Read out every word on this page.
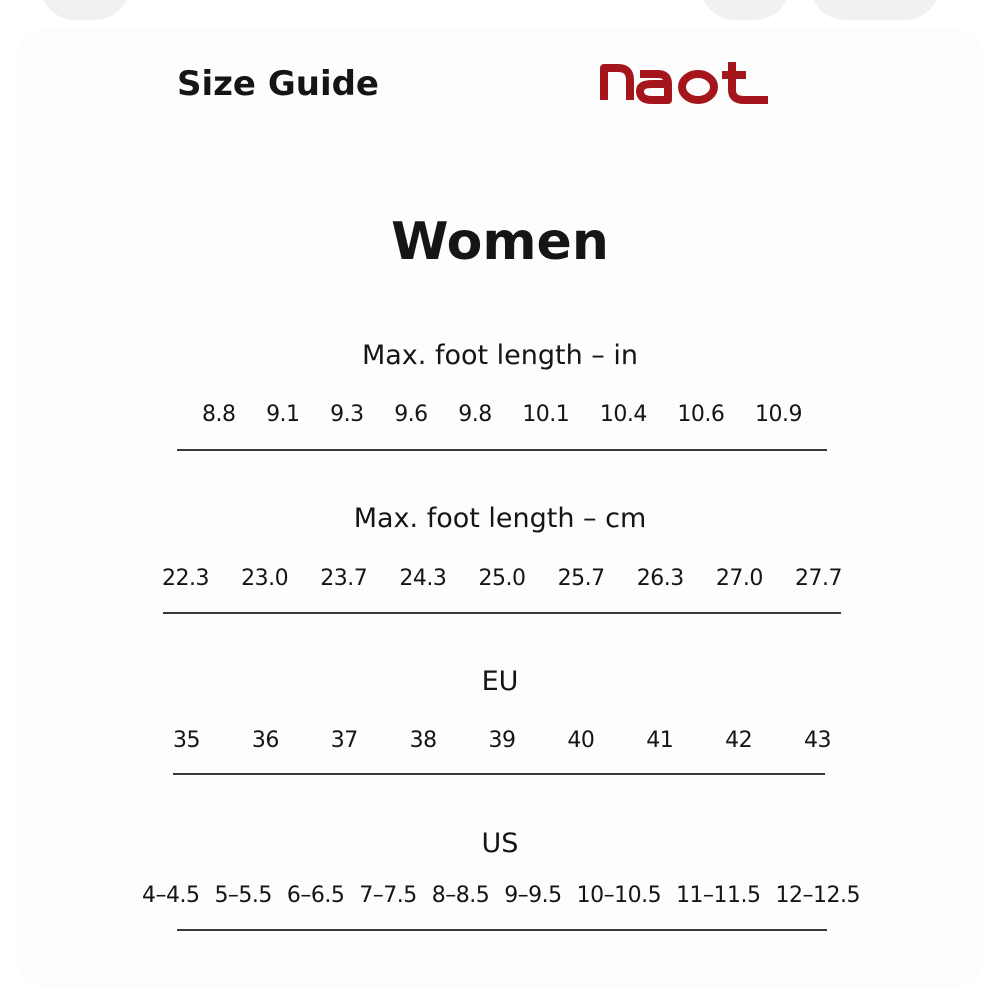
Size Guide
Women
Max. foot length – in
8.8 9.1 9.3 9.6 9.8 10.1 10.4 10.6 10.9
Max. foot length – cm
22.3 23.0 23.7 24.3 25.0 25.7 26.3 27.0 27.7
EU
35 36 37 38 39 40 41 42 43
US
4–4.5 5–5.5 6–6.5 7–7.5 8–8.5 9–9.5 10–10.5 11–11.5 12–12.5
